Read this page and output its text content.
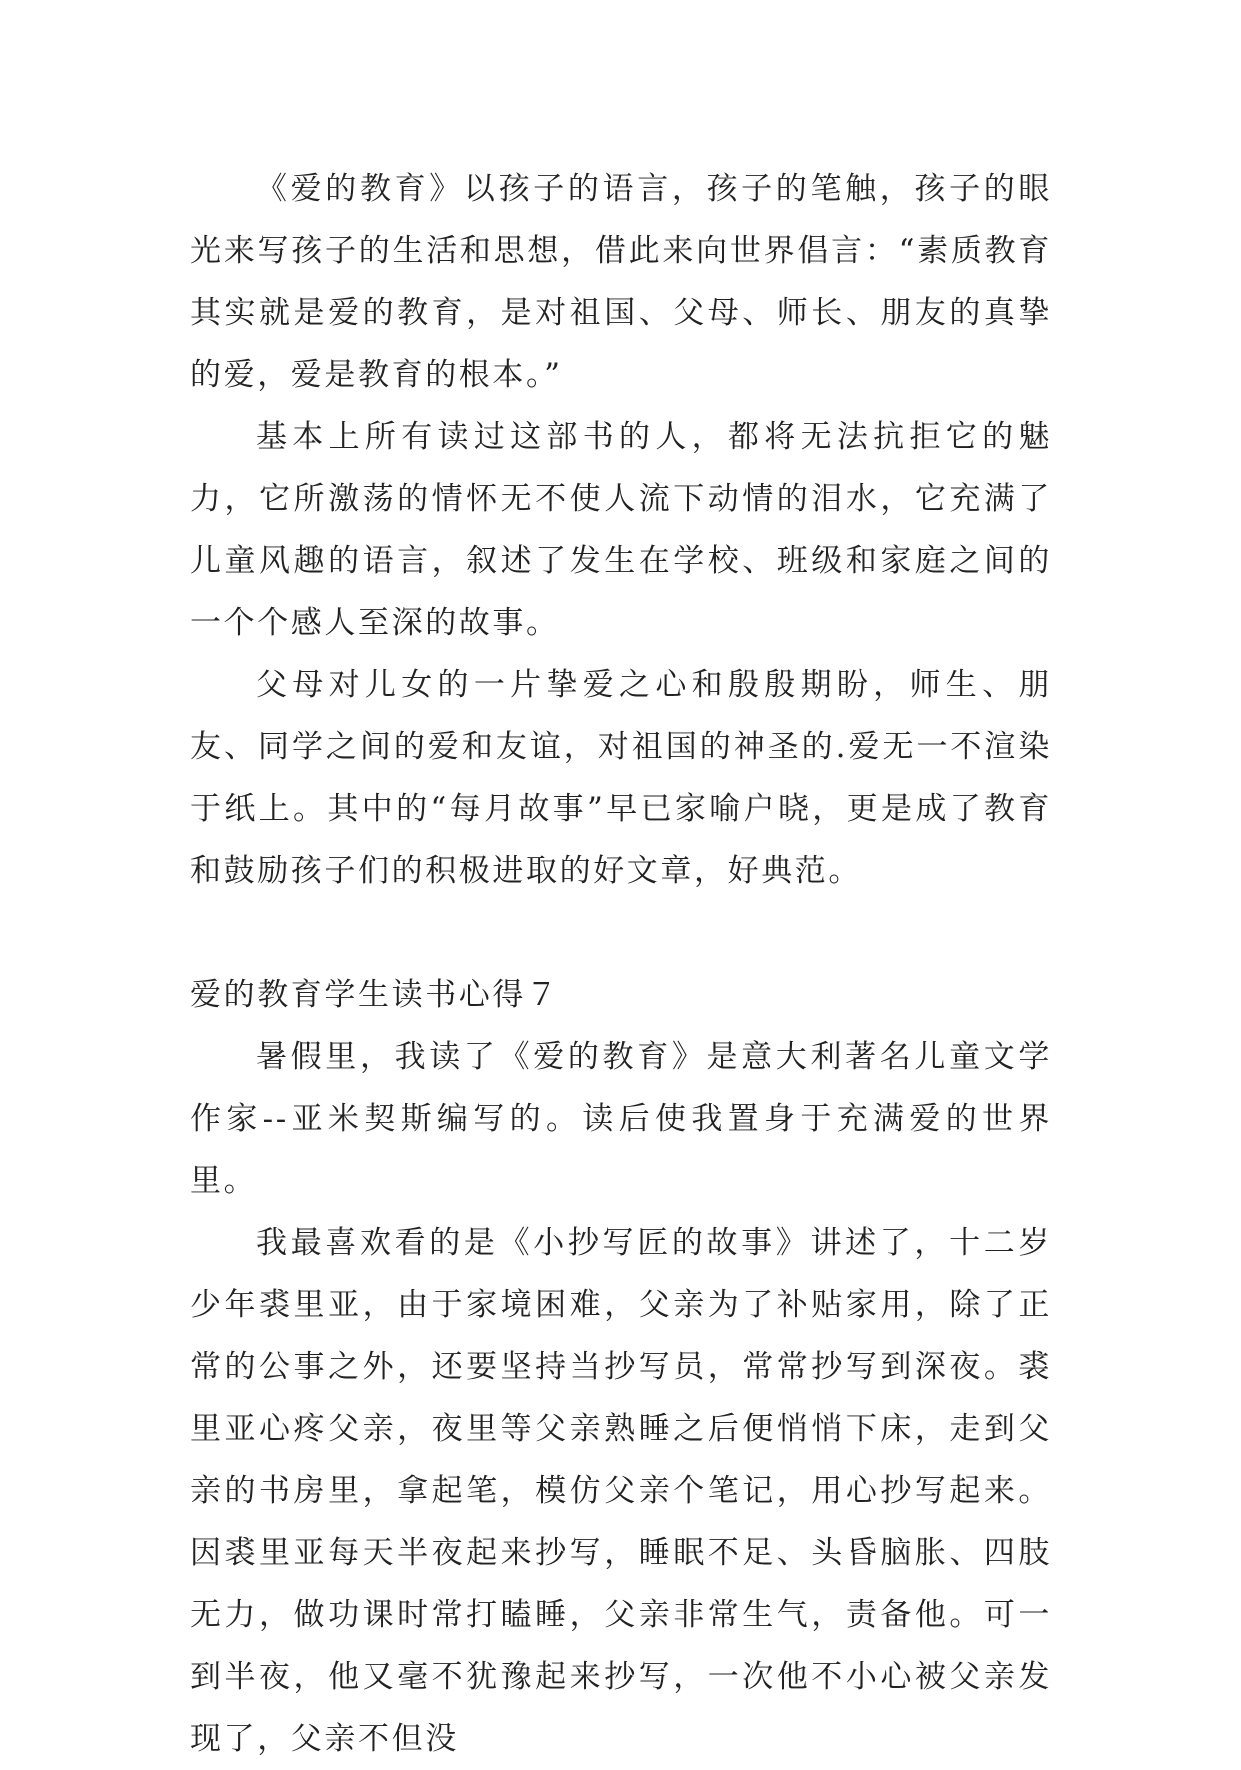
《爱的教育》以孩子的语言，孩子的笔触，孩子的眼光来写孩子的生活和思想，借此来向世界倡言：“素质教育其实就是爱的教育，是对祖国、父母、师长、朋友的真挚的爱，爱是教育的根本。”

基本上所有读过这部书的人，都将无法抗拒它的魅力，它所激荡的情怀无不使人流下动情的泪水，它充满了儿童风趣的语言，叙述了发生在学校、班级和家庭之间的一个个感人至深的故事。

父母对儿女的一片挚爱之心和殷殷期盼，师生、朋友、同学之间的爱和友谊，对祖国的神圣的.爱无一不渲染于纸上。其中的“每月故事”早已家喻户晓，更是成了教育和鼓励孩子们的积极进取的好文章，好典范。

爱的教育学生读书心得７

暑假里，我读了《爱的教育》是意大利著名儿童文学作家--亚米契斯编写的。读后使我置身于充满爱的世界里。

我最喜欢看的是《小抄写匠的故事》讲述了，十二岁少年裘里亚，由于家境困难，父亲为了补贴家用，除了正常的公事之外，还要坚持当抄写员，常常抄写到深夜。裘里亚心疼父亲，夜里等父亲熟睡之后便悄悄下床，走到父亲的书房里，拿起笔，模仿父亲个笔记，用心抄写起来。因裘里亚每天半夜起来抄写，睡眠不足、头昏脑胀、四肢无力，做功课时常打瞌睡，父亲非常生气，责备他。可一到半夜，他又毫不犹豫起来抄写，一次他不小心被父亲发现了，父亲不但没
